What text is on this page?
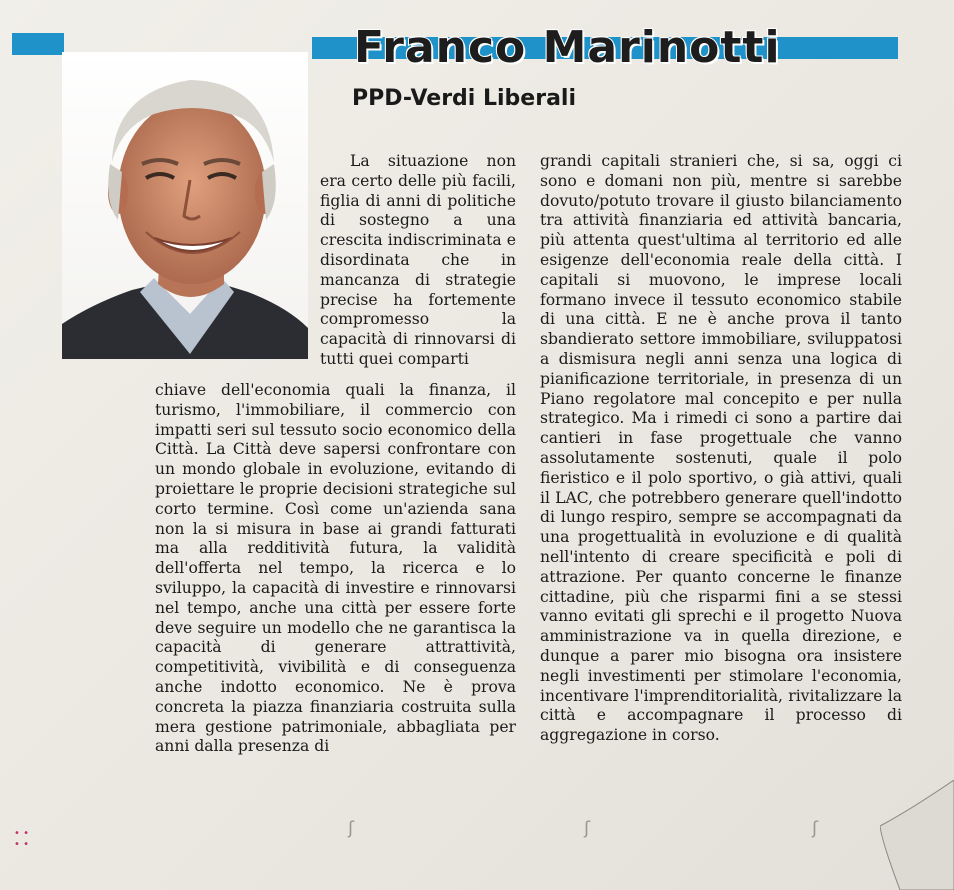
Franco Marinotti
PPD-Verdi Liberali

La situazione non era certo delle più facili, figlia di anni di politiche di sostegno a una crescita indiscriminata e disordinata che in mancanza di strategie precise ha fortemente compromesso la capacità di rinnovarsi di tutti quei comparti

chiave dell'economia quali la finanza, il turismo, l'immobiliare, il commercio con impatti seri sul tessuto socio economico della Città. La Città deve sapersi confrontare con un mondo globale in evoluzione, evitando di proiettare le proprie decisioni strategiche sul corto termine. Così come un'azienda sana non la si misura in base ai grandi fatturati ma alla redditività futura, la validità dell'offerta nel tempo, la ricerca e lo sviluppo, la capacità di investire e rinnovarsi nel tempo, anche una città per essere forte deve seguire un modello che ne garantisca la capacità di generare attrattività, competitività, vivibilità e di conseguenza anche indotto economico. Ne è prova concreta la piazza finanziaria costruita sulla mera gestione patrimoniale, abbagliata per anni dalla presenza di

grandi capitali stranieri che, si sa, oggi ci sono e domani non più, mentre si sarebbe dovuto/potuto trovare il giusto bilanciamento tra attività finanziaria ed attività bancaria, più attenta quest'ultima al territorio ed alle esigenze dell'economia reale della città. I capitali si muovono, le imprese locali formano invece il tessuto economico stabile di una città. E ne è anche prova il tanto sbandierato settore immobiliare, sviluppatosi a dismisura negli anni senza una logica di pianificazione territoriale, in presenza di un Piano regolatore mal concepito e per nulla strategico. Ma i rimedi ci sono a partire dai cantieri in fase progettuale che vanno assolutamente sostenuti, quale il polo fieristico e il polo sportivo, o già attivi, quali il LAC, che potrebbero generare quell'indotto di lungo respiro, sempre se accompagnati da una progettualità in evoluzione e di qualità nell'intento di creare specificità e poli di attrazione. Per quanto concerne le finanze cittadine, più che risparmi fini a se stessi vanno evitati gli sprechi e il progetto Nuova amministrazione va in quella direzione, e dunque a parer mio bisogna ora insistere negli investimenti per stimolare l'economia, incentivare l'imprenditorialità, rivitalizzare la città e accompagnare il processo di aggregazione in corso.

• •
• •
ʃ	ʃ	ʃ
